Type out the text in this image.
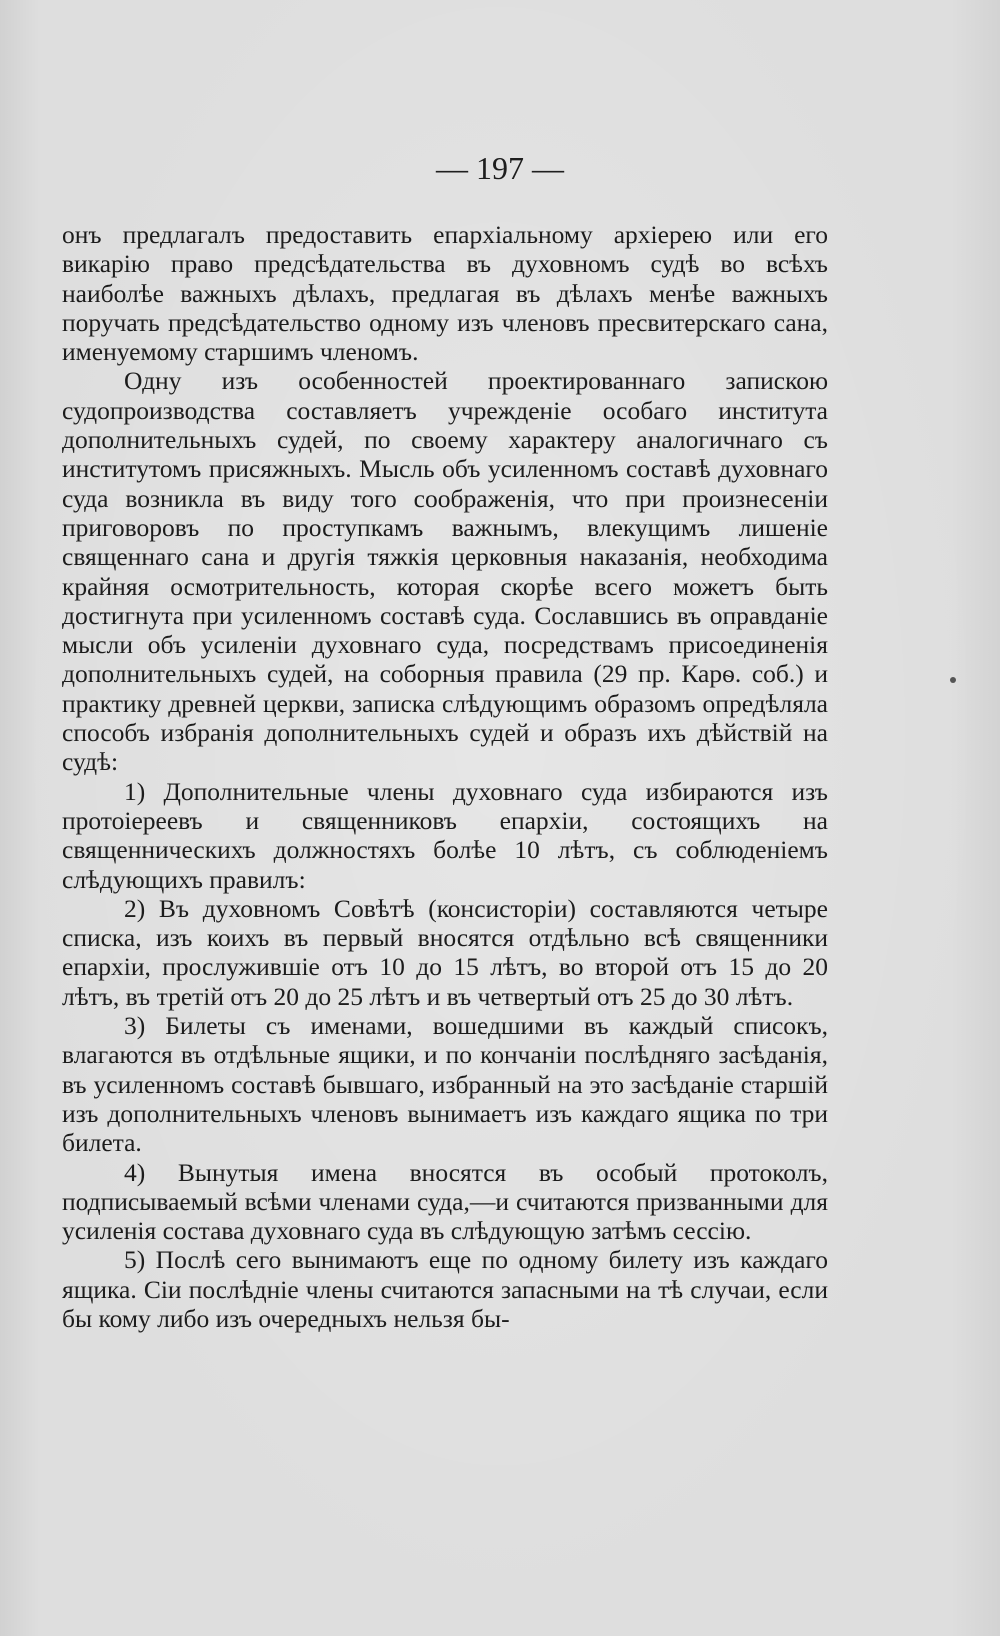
— 197 —

онъ предлагалъ предоставить епархіальному архіерею или его викарію право предсѣдательства въ духовномъ судѣ во всѣхъ наиболѣе важныхъ дѣлахъ, предлагая въ дѣлахъ менѣе важныхъ поручать предсѣдательство одному изъ членовъ пресвитерскаго сана, именуемому старшимъ членомъ.

Одну изъ особенностей проектированнаго запискою судопроизводства составляетъ учрежденіе особаго института дополнительныхъ судей, по своему характеру аналогичнаго съ институтомъ присяжныхъ. Мысль объ усиленномъ составѣ духовнаго суда возникла въ виду того соображенія, что при произнесеніи приговоровъ по проступкамъ важнымъ, влекущимъ лишеніе священнаго сана и другія тяжкія церковныя наказанія, необходима крайняя осмотрительность, которая скорѣе всего можетъ быть достигнута при усиленномъ составѣ суда. Сославшись въ оправданіе мысли объ усиленіи духовнаго суда, посредствамъ присоединенія дополнительныхъ судей, на соборныя правила (29 пр. Карѳ. соб.) и практику древней церкви, записка слѣдующимъ образомъ опредѣляла способъ избранія дополнительныхъ судей и образъ ихъ дѣйствій на судѣ:

1) Дополнительные члены духовнаго суда избираются изъ протоіереевъ и священниковъ епархіи, состоящихъ на священническихъ должностяхъ болѣе 10 лѣтъ, съ соблюденіемъ слѣдующихъ правилъ:

2) Въ духовномъ Совѣтѣ (консисторіи) составляются четыре списка, изъ коихъ въ первый вносятся отдѣльно всѣ священники епархіи, прослужившіе отъ 10 до 15 лѣтъ, во второй отъ 15 до 20 лѣтъ, въ третій отъ 20 до 25 лѣтъ и въ четвертый отъ 25 до 30 лѣтъ.

3) Билеты съ именами, вошедшими въ каждый списокъ, влагаются въ отдѣльные ящики, и по кончаніи послѣдняго засѣданія, въ усиленномъ составѣ бывшаго, избранный на это засѣданіе старшій изъ дополнительныхъ членовъ вынимаетъ изъ каждаго ящика по три билета.

4) Вынутыя имена вносятся въ особый протоколъ, подписываемый всѣми членами суда,—и считаются призванными для усиленія состава духовнаго суда въ слѣдующую затѣмъ сессію.

5) Послѣ сего вынимаютъ еще по одному билету изъ каждаго ящика. Сіи послѣдніе члены считаются запасными на тѣ случаи, если бы кому либо изъ очередныхъ нельзя бы-
